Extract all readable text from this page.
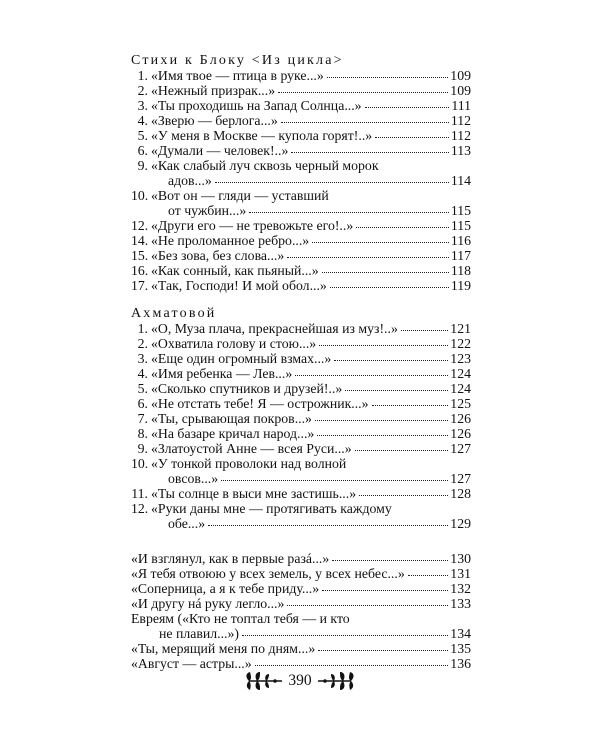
Стихи к Блоку <Из цикла>
1. «Имя твое — птица в руке...»	109
2. «Нежный призрак...»	109
3. «Ты проходишь на Запад Солнца...»	111
4. «Зверю — берлога...»	112
5. «У меня в Москве — купола горят!..»	112
6. «Думали — человек!..»	113
9. «Как слабый луч сквозь черный морок
адов...»	114
10. «Вот он — гляди — уставший
от чужбин...»	115
12. «Други его — не тревожьте его!..»	115
14. «Не проломанное ребро...»	116
15. «Без зова, без слова...»	117
16. «Как сонный, как пьяный...»	118
17. «Так, Господи! И мой обол...»	119
Ахматовой
1. «О, Муза плача, прекраснейшая из муз!..»	121
2. «Охватила голову и стою...»	122
3. «Еще один огромный взмах...»	123
4. «Имя ребенка — Лев...»	124
5. «Сколько спутников и друзей!..»	124
6. «Не отстать тебе! Я — острожник...»	125
7. «Ты, срывающая покров...»	126
8. «На базаре кричал народ...»	126
9. «Златоустой Анне — всея Руси...»	127
10. «У тонкой проволоки над волной
овсов...»	127
11. «Ты солнце в выси мне застишь...»	128
12. «Руки даны мне — протягивать каждому
обе...»	129
«И взглянул, как в первые разá...»	130
«Я тебя отвоюю у всех земель, у всех небес...»	131
«Соперница, а я к тебе приду...»	132
«И другу нá руку легло...»	133
Евреям («Кто не топтал тебя — и кто
не плавил...»)	134
«Ты, мерящий меня по дням...»	135
«Август — астры...»	136
390
